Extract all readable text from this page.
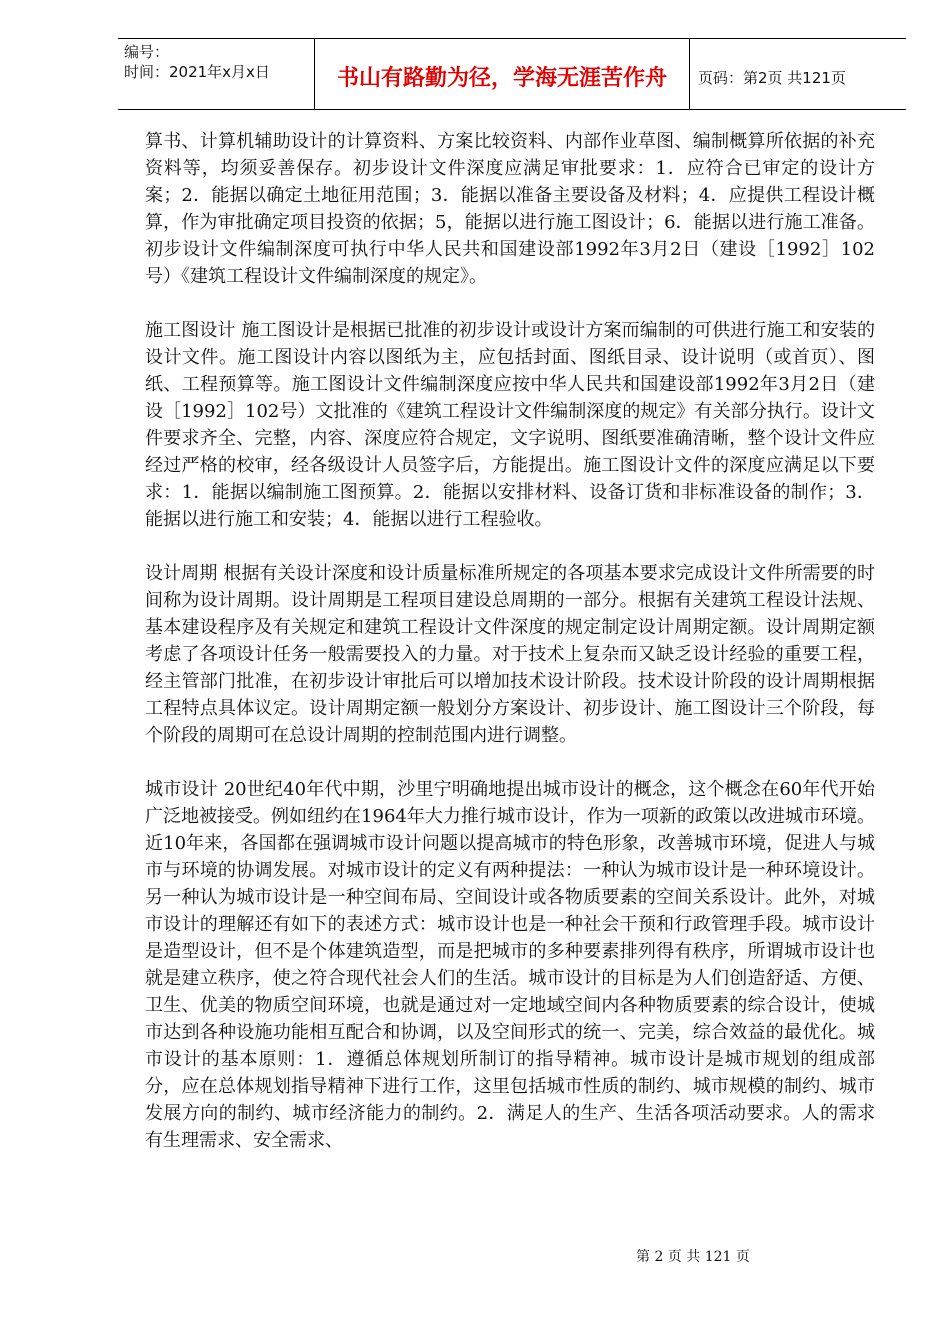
编号：
时间：2021年x月x日	书山有路勤为径，学海无涯苦作舟	页码：第2页 共121页

算书、计算机辅助设计的计算资料、方案比较资料、内部作业草图、编制概算所依据的补充资料等，均须妥善保存。初步设计文件深度应满足审批要求：1．应符合已审定的设计方案；2．能据以确定土地征用范围；3．能据以准备主要设备及材料；4．应提供工程设计概算，作为审批确定项目投资的依据；5，能据以进行施工图设计；6．能据以进行施工准备。初步设计文件编制深度可执行中华人民共和国建设部1992年3月2日（建设［1992］102号）《建筑工程设计文件编制深度的规定》。

施工图设计 施工图设计是根据已批准的初步设计或设计方案而编制的可供进行施工和安装的设计文件。施工图设计内容以图纸为主，应包括封面、图纸目录、设计说明（或首页）、图纸、工程预算等。施工图设计文件编制深度应按中华人民共和国建设部1992年3月2日（建设［1992］102号）文批准的《建筑工程设计文件编制深度的规定》有关部分执行。设计文件要求齐全、完整，内容、深度应符合规定，文字说明、图纸要准确清晰，整个设计文件应经过严格的校审，经各级设计人员签字后，方能提出。施工图设计文件的深度应满足以下要求：1．能据以编制施工图预算。2．能据以安排材料、设备订货和非标准设备的制作；3．能据以进行施工和安装；4．能据以进行工程验收。

设计周期 根据有关设计深度和设计质量标准所规定的各项基本要求完成设计文件所需要的时间称为设计周期。设计周期是工程项目建设总周期的一部分。根据有关建筑工程设计法规、基本建设程序及有关规定和建筑工程设计文件深度的规定制定设计周期定额。设计周期定额考虑了各项设计任务一般需要投入的力量。对于技术上复杂而又缺乏设计经验的重要工程，经主管部门批准，在初步设计审批后可以增加技术设计阶段。技术设计阶段的设计周期根据工程特点具体议定。设计周期定额一般划分方案设计、初步设计、施工图设计三个阶段，每个阶段的周期可在总设计周期的控制范围内进行调整。

城市设计 20世纪40年代中期，沙里宁明确地提出城市设计的概念，这个概念在60年代开始广泛地被接受。例如纽约在1964年大力推行城市设计，作为一项新的政策以改进城市环境。近10年来，各国都在强调城市设计问题以提高城市的特色形象，改善城市环境，促进人与城市与环境的协调发展。对城市设计的定义有两种提法：一种认为城市设计是一种环境设计。另一种认为城市设计是一种空间布局、空间设计或各物质要素的空间关系设计。此外，对城市设计的理解还有如下的表述方式：城市设计也是一种社会干预和行政管理手段。城市设计是造型设计，但不是个体建筑造型，而是把城市的多种要素排列得有秩序，所谓城市设计也就是建立秩序，使之符合现代社会人们的生活。城市设计的目标是为人们创造舒适、方便、卫生、优美的物质空间环境，也就是通过对一定地域空间内各种物质要素的综合设计，使城市达到各种设施功能相互配合和协调，以及空间形式的统一、完美，综合效益的最优化。城市设计的基本原则：1．遵循总体规划所制订的指导精神。城市设计是城市规划的组成部分，应在总体规划指导精神下进行工作，这里包括城市性质的制约、城市规模的制约、城市发展方向的制约、城市经济能力的制约。2．满足人的生产、生活各项活动要求。人的需求有生理需求、安全需求、

第 2 页 共 121 页
